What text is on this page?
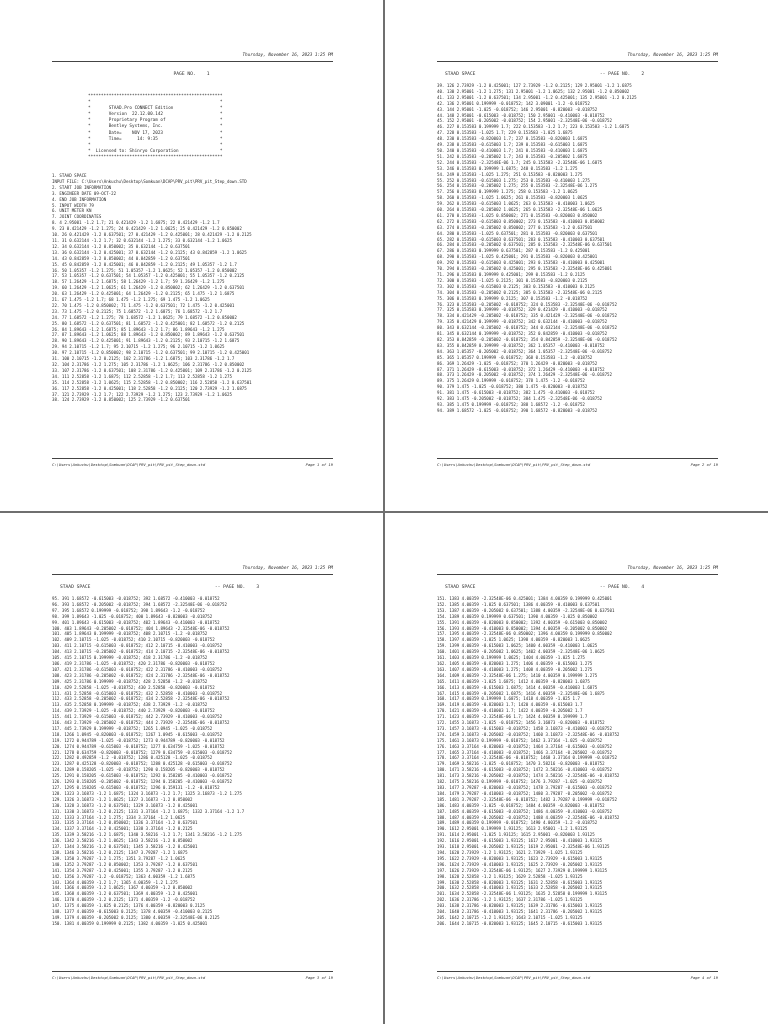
Thursday, November 16, 2023 1:25 PM
PAGE NO.    1
****************************************************
*                                                  *
*       STAAD.Pro CONNECT Edition                  *
*       Version  22.12.00.142                      *
*       Proprietary Program of                     *
*       Bentley Systems, Inc.                      *
*       Date=    NOV 17, 2023                      *
*       Time=      14: 9:35                        *
*                                                  *
*  Licensed to: Shinryo Corporation                *
****************************************************
1. STAAD SPACE
INPUT FILE: C:\Users\Ankuchu\Desktop\Somkuan\DCAP\PRV_pit\PRV_pit_Step_down.STD
2. START JOB INFORMATION
3. ENGINEER DATE 09-OCT-22
4. END JOB INFORMATION
5. INPUT WIDTH 79
6. UNIT METER KN
7. JOINT COORDINATES
8. 4 2.95001 -1.2 1.7; 21 0.421429 -1.2 1.6875; 22 0.421429 -1.2 1.7
9. 23 0.421429 -1.2 1.275; 24 0.421429 -1.2 1.0625; 25 0.421429 -1.2 0.850002
10. 26 0.421429 -1.2 0.637501; 27 0.421429 -1.2 0.425001; 28 0.421429 -1.2 0.2125
11. 31 0.632144 -1.2 1.7; 32 0.632144 -1.2 1.275; 33 0.632144 -1.2 1.0625
12. 34 0.632144 -1.2 0.850002; 35 0.632144 -1.2 0.637501
13. 36 0.632144 -1.2 0.425001; 37 0.632144 -1.2 0.2125; 43 0.842859 -1.2 1.0625
14. 43 0.842859 -1.2 0.850002; 44 0.842859 -1.2 0.637501
15. 45 0.842859 -1.2 0.425001; 46 0.842859 -1.2 0.2125; 49 1.05357 -1.2 1.7
16. 50 1.05357 -1.2 1.275; 51 1.05357 -1.2 1.0625; 52 1.05357 -1.2 0.850002
17. 53 1.05357 -1.2 0.637501; 54 1.05357 -1.2 0.425001; 55 1.05357 -1.2 0.2125
18. 57 1.26429 -1.2 1.6875; 58 1.26429 -1.2 1.7; 59 1.26429 -1.2 1.275
19. 60 1.26429 -1.2 1.0625; 61 1.26429 -1.2 0.850002; 62 1.26429 -1.2 0.637501
20. 63 1.26429 -1.2 0.425001; 64 1.26429 -1.2 0.2125; 65 1.475 -1.2 1.6875
21. 67 1.475 -1.2 1.7; 68 1.475 -1.2 1.275; 69 1.475 -1.2 1.0625
22. 70 1.475 -1.2 0.850002; 71 1.475 -1.2 0.637501; 72 1.475 -1.2 0.425001
23. 73 1.475 -1.2 0.2125; 75 1.68572 -1.2 1.6875; 76 1.68572 -1.2 1.7
24. 77 1.68572 -1.2 1.275; 78 1.68572 -1.2 1.0625; 79 1.68572 -1.2 0.850002
25. 80 1.68572 -1.2 0.637501; 81 1.68572 -1.2 0.425001; 82 1.68572 -1.2 0.2125
26. 84 1.89643 -1.2 1.6875; 85 1.89643 -1.2 1.7; 86 1.89643 -1.2 1.275
27. 87 1.89643 -1.2 1.0625; 88 1.89643 -1.2 0.850002; 89 1.89643 -1.2 0.637501
28. 90 1.89643 -1.2 0.425001; 91 1.89643 -1.2 0.2125; 93 2.10715 -1.2 1.6875
29. 94 2.10715 -1.2 1.7; 95 2.10715 -1.2 1.275; 96 2.10715 -1.2 1.0625
30. 97 2.10715 -1.2 0.850002; 98 2.10715 -1.2 0.637501; 99 2.10715 -1.2 0.425001
31. 100 2.10715 -1.2 0.2125; 102 2.31786 -1.2 1.6875; 103 2.31786 -1.2 1.7
32. 104 2.31786 -1.2 1.275; 105 2.31786 -1.2 1.0625; 106 2.31786 -1.2 0.850002
33. 107 2.31786 -1.2 0.637501; 108 2.31786 -1.2 0.425001; 109 2.31786 -1.2 0.2125
34. 111 2.52858 -1.2 1.6875; 112 2.52858 -1.2 1.7; 113 2.52858 -1.2 1.275
35. 114 2.52858 -1.2 1.0625; 115 2.52858 -1.2 0.850002; 116 2.52858 -1.2 0.637501
36. 117 2.52858 -1.2 0.425001; 118 2.52858 -1.2 0.2125; 120 2.73929 -1.2 1.6875
37. 121 2.73929 -1.2 1.7; 122 2.73929 -1.2 1.275; 123 2.73929 -1.2 1.0625
38. 124 2.73929 -1.2 0.850002; 125 2.73929 -1.2 0.637501
C:\Users\Ankuchu\Desktop\Somkuan\DCAP\PRV_pit\PRV_pit_Step_down.std	Page 1 of 19
Thursday, November 16, 2023 1:25 PM
STAAD SPACE                                             -- PAGE NO.    2
39. 126 2.73929 -1.2 0.425001; 127 2.73929 -1.2 0.2125; 129 2.95001 -1.2 1.6875
40. 130 2.95001 -1.2 1.275; 131 2.95001 -1.2 1.0625; 132 2.95001 -1.2 0.850002
41. 133 2.95001 -1.2 0.637501; 134 2.95001 -1.2 0.425001; 135 2.95001 -1.2 0.2125
42. 136 2.95001 0.199999 -0.018752; 142 3.09001 -1.2 -0.018752
43. 144 2.95001 -1.025 -0.018752; 146 2.95001 -0.820003 -0.018752
44. 148 2.95001 -0.615003 -0.018752; 150 2.95001 -0.410003 -0.018752
45. 152 2.95001 -0.205002 -0.018752; 154 2.95001 -2.32548E-06 -0.018752
46. 227 0.153583 0.199999 1.7; 222 0.153583 -1.2 1.7; 223 0.153583 -1.2 1.6875
47. 228 0.153583 -1.025 1.7; 229 0.153583 -1.025 1.6875
48. 230 0.153583 -0.820003 1.7; 237 0.153583 -0.820003 1.6875
49. 238 0.153583 -0.615003 1.7; 239 0.153583 -0.615003 1.6875
50. 240 0.153583 -0.410003 1.7; 241 0.153583 -0.410003 1.6875
51. 242 0.153583 -0.205002 1.7; 243 0.153583 -0.205002 1.6875
52. 244 0.153583 -2.32548E-06 1.7; 245 0.153583 -2.32548E-06 1.6875
53. 246 0.153583 0.199999 1.6875; 248 0.153583 -1.2 1.275
54. 249 0.153583 -1.025 1.275; 251 0.153583 -0.820003 1.275
55. 252 0.153583 -0.615003 1.275; 253 0.153583 -0.410003 1.275
56. 254 0.153583 -0.205002 1.275; 255 0.153583 -2.32548E-06 1.275
57. 256 0.153583 0.199999 1.275; 258 0.153583 -1.2 1.0625
58. 260 0.153583 -1.025 1.0625; 261 0.153583 -0.820003 1.0625
59. 262 0.153583 -0.615003 1.0625; 263 0.153583 -0.410003 1.0625
60. 264 0.153583 -0.205002 1.0625; 265 0.153583 -2.32548E-06 1.0625
61. 270 0.153583 -1.025 0.850002; 271 0.153583 -0.820003 0.850002
62. 272 0.153583 -0.615003 0.850002; 273 0.153583 -0.410003 0.850002
63. 274 0.153583 -0.205002 0.850002; 277 0.153583 -1.2 0.637501
64. 280 0.153583 -1.025 0.637501; 281 0.153583 -0.820003 0.637501
65. 282 0.153583 -0.615003 0.637501; 283 0.153583 -0.410003 0.637501
66. 284 0.153583 -0.205002 0.637501; 285 0.153583 -2.32548E-06 0.637501
67. 286 0.153583 0.199999 0.637501; 287 0.153583 -1.2 0.425001
68. 290 0.153583 -1.025 0.425001; 291 0.153583 -0.820003 0.425001
69. 292 0.153583 -0.615003 0.425001; 293 0.153583 -0.410003 0.425001
70. 294 0.153583 -0.205002 0.425001; 295 0.153583 -2.32548E-06 0.425001
71. 296 0.153583 0.199999 0.425001; 299 0.153583 -1.2 0.2125
72. 300 0.153583 -1.025 0.2125; 301 0.153583 -0.820003 0.2125
73. 302 0.153583 -0.615003 0.2125; 303 0.153583 -0.410003 0.2125
74. 304 0.153583 -0.205002 0.2125; 305 0.153583 -2.32548E-06 0.2125
75. 306 0.153583 0.199999 0.2125; 307 0.153583 -1.2 -0.018752
76. 323 0.153583 -0.205002 -0.018752; 324 0.153583 -2.32548E-06 -0.018752
77. 325 0.153583 0.199999 -0.018752; 329 0.421429 -0.410003 -0.018752
78. 334 0.421429 -0.205002 -0.018752; 335 0.421429 -2.32548E-06 -0.018752
79. 335 0.421429 0.199999 -0.018752; 342 0.632144 -0.410003 -0.018752
80. 343 0.632144 -0.205002 -0.018752; 344 0.632144 -2.32548E-06 -0.018752
81. 345 0.632144 0.199999 -0.018752; 352 0.842859 -0.410003 -0.018752
82. 353 0.842859 -0.205002 -0.018752; 354 0.842859 -2.32548E-06 -0.018752
83. 355 0.842859 0.199999 -0.018752; 362 1.05357 -0.410003 -0.018752
84. 363 1.05357 -0.205002 -0.018752; 364 1.05357 -2.32548E-06 -0.018752
85. 365 1.05357 0.199999 -0.018752; 368 0.153583 -1.2 -0.018752
86. 369 1.26429 -1.025 -0.018752; 370 1.26429 -0.820003 -0.018752
87. 371 1.26429 -0.615003 -0.018752; 372 1.26429 -0.410003 -0.018752
88. 373 1.26429 -0.205002 -0.018752; 374 1.26429 -2.32548E-06 -0.018752
89. 375 1.26429 0.199999 -0.018752; 378 1.475 -1.2 -0.018752
90. 379 1.475 -1.025 -0.018752; 380 1.475 -0.820003 -0.018752
91. 381 1.475 -0.615003 -0.018752; 382 1.475 -0.410003 -0.018752
92. 383 1.475 -0.205002 -0.018752; 384 1.475 -2.32548E-06 -0.018752
93. 385 1.475 0.199999 -0.018752; 388 1.68572 -1.2 -0.018752
94. 389 1.68572 -1.025 -0.018752; 390 1.68572 -0.820003 -0.018752
C:\Users\Ankuchu\Desktop\Somkuan\DCAP\PRV_pit\PRV_pit_Step_down.std	Page 2 of 19
Thursday, November 16, 2023 1:25 PM
STAAD SPACE                                             -- PAGE NO.    3
95. 391 1.68572 -0.615003 -0.018752; 392 1.68572 -0.410003 -0.018752
96. 393 1.68572 -0.205002 -0.018752; 394 1.68572 -2.32548E-06 -0.018752
97. 395 1.68572 0.199999 -0.018752; 398 1.89643 -1.2 -0.018752
98. 399 1.89643 -1.025 -0.018752; 400 1.89643 -0.820003 -0.018752
99. 401 1.89643 -0.615003 -0.018752; 402 1.89643 -0.410003 -0.018752
100. 403 1.89643 -0.205002 -0.018752; 404 1.89643 -2.32548E-06 -0.018752
101. 405 1.89643 0.199999 -0.018752; 408 2.10715 -1.2 -0.018752
102. 409 2.10715 -1.025 -0.018752; 410 2.10715 -0.820003 -0.018752
103. 411 2.10715 -0.615003 -0.018752; 412 2.10715 -0.410003 -0.018752
104. 413 2.10715 -0.205002 -0.018752; 414 2.10715 -2.32548E-06 -0.018752
105. 415 2.10715 0.199999 -0.018752; 418 2.31786 -1.2 -0.018752
106. 419 2.31786 -1.025 -0.018752; 420 2.31786 -0.820003 -0.018752
107. 421 2.31786 -0.615003 -0.018752; 422 2.31786 -0.410003 -0.018752
108. 423 2.31786 -0.205002 -0.018752; 424 2.31786 -2.32548E-06 -0.018752
109. 425 2.31786 0.199999 -0.018752; 428 2.52858 -1.2 -0.018752
110. 429 2.52858 -1.025 -0.018752; 430 2.52858 -0.820003 -0.018752
111. 431 2.52858 -0.615003 -0.018752; 432 2.52858 -0.410003 -0.018752
112. 433 2.52858 -0.205002 -0.018752; 434 2.52858 -2.32548E-06 -0.018752
113. 435 2.52858 0.199999 -0.018752; 438 2.73929 -1.2 -0.018752
114. 439 2.73929 -1.025 -0.018752; 440 2.73929 -0.820003 -0.018752
115. 441 2.73929 -0.615003 -0.018752; 442 2.73929 -0.410003 -0.018752
116. 443 2.73929 -0.205002 -0.018752; 444 2.73929 -2.32548E-06 -0.018752
117. 445 2.73929 0.199999 -0.018752; 1265 1.0945 -1.025 -0.018752
118. 1266 1.0945 -0.820003 -0.018752; 1267 1.0945 -0.615003 -0.018752
119. 1272 0.944789 -1.025 -0.018752; 1273 0.944789 -0.820003 -0.018752
120. 1274 0.944789 -0.615003 -0.018752; 1277 0.634759 -1.025 -0.018752
121. 1278 0.634759 -0.820003 -0.018752; 1279 0.634759 -0.615003 -0.018752
122. 1282 0.492859 -1.2 -0.018752; 1286 0.425128 -1.025 -0.018752
123. 1287 0.425128 -0.820003 -0.018752; 1288 0.425128 -0.615003 -0.018752
124. 1289 0.158205 -1.025 -0.018752; 1290 0.158205 -0.820003 -0.018752
125. 1291 0.158205 -0.615003 -0.018752; 1292 0.158205 -0.410003 -0.018752
126. 1293 0.158205 -0.205002 -0.018752; 1294 0.158205 -0.410003 -0.018752
127. 1295 0.158205 -0.615003 -0.018752; 1296 0.159131 -1.2 -0.018752
128. 1323 3.16873 -1.2 1.6875; 1324 3.16873 -1.2 1.7; 1325 3.16873 -1.2 1.275
129. 1326 3.16873 -1.2 1.0625; 1327 3.16873 -1.2 0.850002
130. 1328 3.16873 -1.2 0.637501; 1329 3.16873 -1.2 0.425001
131. 1330 3.16873 -1.2 0.2125; 1331 3.37164 -1.2 1.6875; 1332 3.37164 -1.2 1.7
132. 1333 3.37164 -1.2 1.275; 1334 3.37164 -1.2 1.0625
133. 1335 3.37164 -1.2 0.850002; 1336 3.37164 -1.2 0.637501
134. 1337 3.37164 -1.2 0.425001; 1338 3.37164 -1.2 0.2125
135. 1339 3.58216 -1.2 1.6875; 1340 3.58216 -1.2 1.7; 1341 3.58216 -1.2 1.275
136. 1342 3.58216 -1.2 1.0625; 1343 3.58216 -1.2 0.850002
137. 1344 3.58216 -1.2 0.637501; 1345 3.58216 -1.2 0.425001
138. 1346 3.58216 -1.2 0.2125; 1347 3.79287 -1.2 1.6875
139. 1350 3.79287 -1.2 1.275; 1351 3.79287 -1.2 1.0625
140. 1352 3.79287 -1.2 0.850002; 1353 3.79287 -1.2 0.637501
141. 1354 3.79287 -1.2 0.425001; 1355 3.79287 -1.2 0.2125
142. 1356 3.79287 -1.2 -0.018752; 1363 4.00359 -1.2 1.6875
143. 1364 4.00359 -1.2 1.7; 1365 4.00359 -1.2 1.275
144. 1366 4.00359 -1.2 1.0625; 1367 4.00359 -1.2 0.850002
145. 1368 4.00359 -1.2 0.637501; 1369 4.00359 -1.2 0.425001
146. 1370 4.00359 -1.2 0.2125; 1371 4.00359 -1.2 -0.018752
147. 1375 4.00359 -1.025 0.2125; 1376 4.00359 -0.820003 0.2125
148. 1377 4.00359 -0.615003 0.2125; 1378 4.00359 -0.410003 0.2125
149. 1379 4.00359 -0.205002 0.2125; 1380 4.00359 -2.32548E-06 0.2125
150. 1381 4.00359 0.199999 0.2125; 1382 4.00359 -1.025 0.425001
C:\Users\Ankuchu\Desktop\Somkuan\DCAP\PRV_pit\PRV_pit_Step_down.std	Page 3 of 19
Thursday, November 16, 2023 1:25 PM
STAAD SPACE                                             -- PAGE NO.    4
151. 1383 4.00359 -2.32548E-06 0.425001; 1384 4.00359 0.199999 0.425001
152. 1385 4.00359 -1.025 0.637501; 1386 4.00359 -0.410003 0.637501
153. 1387 4.00359 -0.205002 0.637501; 1388 4.00359 -2.32548E-06 0.637501
154. 1389 4.00359 0.199999 0.637501; 1390 4.00359 -1.025 0.850002
155. 1391 4.00359 -0.820003 0.850002; 1392 4.00359 -0.615003 0.850002
156. 1393 4.00359 -0.410003 0.850002; 1394 4.00359 -0.205002 0.850002
157. 1395 4.00359 -2.32548E-06 0.850002; 1396 4.00359 0.199999 0.850002
158. 1397 4.00359 -1.025 1.0625; 1398 4.00359 -0.820003 1.0625
159. 1399 4.00359 -0.615003 1.0625; 1400 4.00359 -0.410003 1.0625
160. 1401 4.00359 -0.205002 1.0625; 1402 4.00359 -2.32548E-06 1.0625
161. 1403 4.00359 0.199999 1.0625; 1404 4.00359 -1.025 1.275
162. 1405 4.00359 -0.820003 1.275; 1406 4.00359 -0.615003 1.275
163. 1407 4.00359 -0.410003 1.275; 1408 4.00359 -0.205002 1.275
164. 1409 4.00359 -2.32548E-06 1.275; 1410 4.00359 0.199999 1.275
165. 1411 4.00359 -1.025 1.6875; 1412 4.00359 -0.820003 1.6875
166. 1413 4.00359 -0.615003 1.6875; 1414 4.00359 -0.410003 1.6875
167. 1415 4.00359 -0.205002 1.6875; 1416 4.00359 -2.32548E-06 1.6875
168. 1417 4.00359 0.199999 1.6875; 1418 4.00359 -1.025 1.7
169. 1419 4.00359 -0.820003 1.7; 1420 4.00359 -0.615003 1.7
170. 1421 4.00359 -0.410003 1.7; 1422 4.00359 -0.205002 1.7
171. 1423 4.00359 -2.32548E-06 1.7; 1424 4.00359 0.199999 1.7
172. 1455 3.16873 -1.025 -0.018752; 1456 3.16873 -0.820003 -0.018752
173. 1457 3.16873 -0.615003 -0.018752; 1458 3.16873 -0.410003 -0.018752
174. 1459 3.16873 -0.205002 -0.018752; 1460 3.16873 -2.32548E-06 -0.018752
175. 1461 3.16873 0.199999 -0.018752; 1462 3.37164 -1.025 -0.018752
176. 1463 3.37164 -0.820003 -0.018752; 1464 3.37164 -0.615003 -0.018752
177. 1465 3.37164 -0.410003 -0.018752; 1466 3.37164 -0.205002 -0.018752
178. 1467 3.37164 -2.32548E-06 -0.018752; 1468 3.37164 0.199999 -0.018752
179. 1469 3.58216 -1.025 -0.018752; 1470 3.58216 -0.820003 -0.018752
180. 1471 3.58216 -0.615003 -0.018752; 1472 3.58216 -0.410003 -0.018752
181. 1473 3.58216 -0.205002 -0.018752; 1474 3.58216 -2.32548E-06 -0.018752
182. 1475 3.58216 0.199999 -0.018752; 1476 3.79287 -1.025 -0.018752
183. 1477 3.79287 -0.820003 -0.018752; 1478 3.79287 -0.615003 -0.018752
184. 1479 3.79287 -0.410003 -0.018752; 1480 3.79287 -0.205002 -0.018752
185. 1481 3.79287 -2.32548E-06 -0.018752; 1482 3.79287 0.199999 -0.018752
186. 1483 4.00359 -1.025 -0.018752; 1484 4.00359 -0.820003 -0.018752
187. 1485 4.00359 -0.615003 -0.018752; 1486 4.00359 -0.410003 -0.018752
188. 1487 4.00359 -0.205002 -0.018752; 1488 4.00359 -2.32548E-06 -0.018752
189. 1489 4.00359 0.199999 -0.018752; 1490 4.00359 -1.2 -0.018752
190. 1612 2.95001 0.199999 1.93125; 1613 2.95001 -1.2 1.93125
191. 1614 2.95001 -1.025 1.93125; 1615 2.95001 -0.820003 1.93125
192. 1616 2.95001 -0.615003 1.93125; 1617 2.95001 -0.410003 1.93125
193. 1618 2.95001 -0.205002 1.93125; 1619 2.95001 -2.32548E-06 1.93125
194. 1620 2.73929 -1.2 1.93125; 1621 2.73929 -1.025 1.93125
195. 1622 2.73929 -0.820003 1.93125; 1623 2.73929 -0.615003 1.93125
196. 1624 2.73929 -0.410003 1.93125; 1625 2.73929 -0.205002 1.93125
197. 1626 2.73929 -2.32548E-06 1.93125; 1627 2.73929 0.199999 1.93125
198. 1628 2.52858 -1.2 1.93125; 1629 2.52858 -1.025 1.93125
199. 1630 2.52858 -0.820003 1.93125; 1631 2.52858 -0.615003 1.93125
200. 1632 2.52858 -0.410003 1.93125; 1633 2.52858 -0.205002 1.93125
201. 1634 2.52858 -2.32548E-06 1.93125; 1635 2.52858 0.199999 1.93125
202. 1636 2.31786 -1.2 1.93125; 1637 2.31786 -1.025 1.93125
203. 1638 2.31786 -0.820003 1.93125; 1639 2.31786 -0.615003 1.93125
204. 1640 2.31786 -0.410003 1.93125; 1641 2.31786 -0.205002 1.93125
205. 1642 2.10715 -1.2 1.93125; 1643 2.10715 -1.025 1.93125
206. 1644 2.10715 -0.820003 1.93125; 1645 2.10715 -0.615003 1.93125
C:\Users\Ankuchu\Desktop\Somkuan\DCAP\PRV_pit\PRV_pit_Step_down.std	Page 4 of 19
